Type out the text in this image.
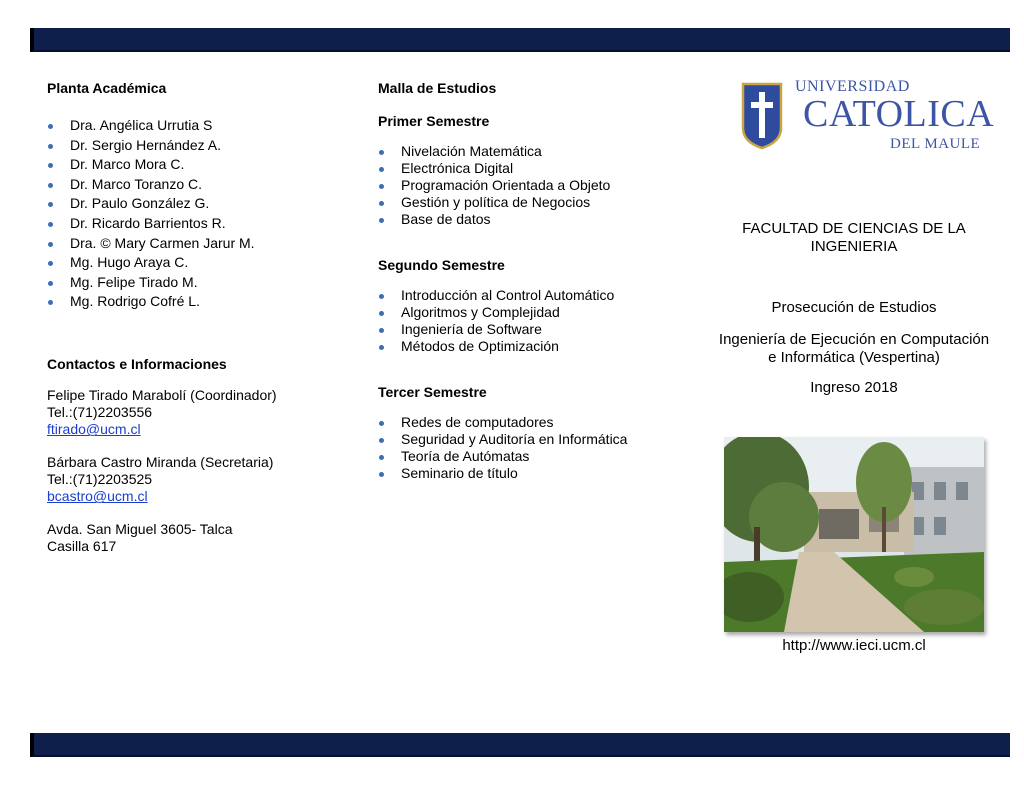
Planta Académica
Dra. Angélica Urrutia S
Dr. Sergio Hernández A.
Dr. Marco Mora C.
Dr. Marco Toranzo C.
Dr. Paulo González G.
Dr. Ricardo Barrientos R.
Dra. © Mary Carmen Jarur M.
Mg. Hugo Araya C.
Mg. Felipe Tirado M.
Mg. Rodrigo Cofré L.
Contactos e Informaciones

Felipe Tirado Marabolí (Coordinador)

Tel.:(71)2203556

ftirado@ucm.cl

Bárbara Castro Miranda (Secretaria)

Tel.:(71)2203525

bcastro@ucm.cl

Avda. San Miguel 3605- Talca

Casilla 617

Malla de Estudios
Primer Semestre
Nivelación Matemática
Electrónica Digital
Programación Orientada a Objeto
Gestión y política de Negocios
Base de datos
Segundo Semestre
Introducción al Control Automático
Algoritmos y Complejidad
Ingeniería de Software
Métodos de Optimización
Tercer Semestre
Redes de computadores
Seguridad y Auditoría en Informática
Teoría de Autómatas
Seminario de título
UNIVERSIDAD
CATOLICA
DEL MAULE
FACULTAD DE CIENCIAS DE LA
INGENIERIA
Prosecución de Estudios
Ingeniería de Ejecución en Computación
e Informática (Vespertina)
Ingreso 2018
http://www.ieci.ucm.cl
